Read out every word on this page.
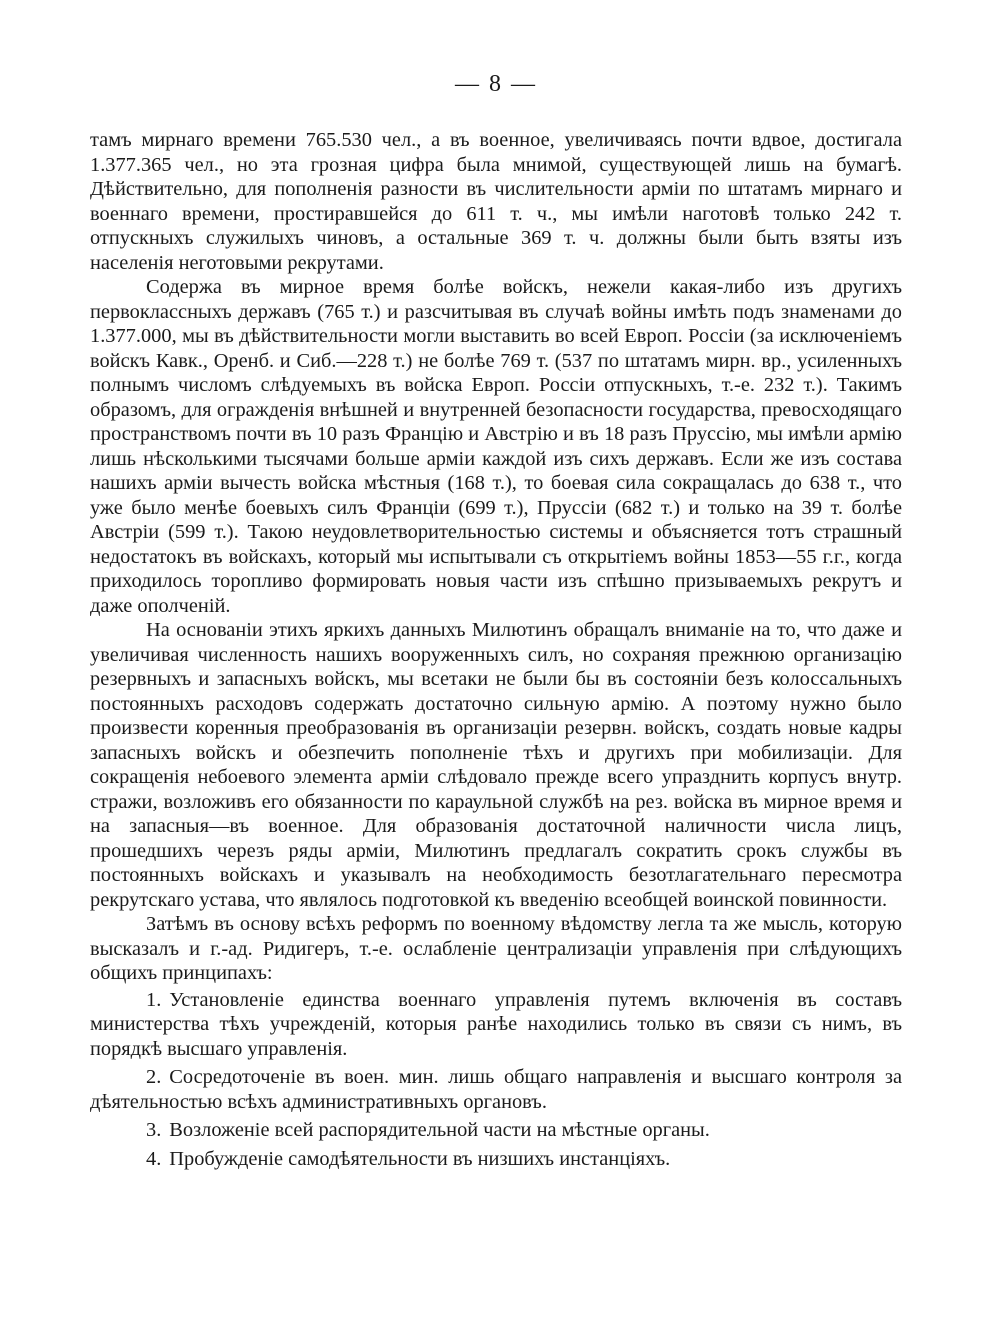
— 8 —

тамъ мирнаго времени 765.530 чел., а въ военное, увеличиваясь почти вдвое, достигала 1.377.365 чел., но эта грозная цифра была мнимой, существующей лишь на бумагѣ. Дѣйствительно, для пополненія разности въ числительности арміи по штатамъ мирнаго и военнаго времени, простиравшейся до 611 т. ч., мы имѣли наготовѣ только 242 т. отпускныхъ служилыхъ чиновъ, а остальные 369 т. ч. должны были быть взяты изъ населенія неготовыми рекрутами.

Содержа въ мирное время болѣе войскъ, нежели какая-либо изъ другихъ первоклассныхъ державъ (765 т.) и разсчитывая въ случаѣ войны имѣть подъ знаменами до 1.377.000, мы въ дѣйствительности могли выставить во всей Европ. Россіи (за исключеніемъ войскъ Кавк., Оренб. и Сиб.—228 т.) не болѣе 769 т. (537 по штатамъ мирн. вр., усиленныхъ полнымъ числомъ слѣдуемыхъ въ войска Европ. Россіи отпускныхъ, т.-е. 232 т.). Такимъ образомъ, для огражденія внѣшней и внутренней безопасности государства, превосходящаго пространствомъ почти въ 10 разъ Францію и Австрію и въ 18 разъ Пруссію, мы имѣли армію лишь нѣсколькими тысячами больше арміи каждой изъ сихъ державъ. Если же изъ состава нашихъ арміи вычесть войска мѣстныя (168 т.), то боевая сила сокращалась до 638 т., что уже было менѣе боевыхъ силъ Франціи (699 т.), Пруссіи (682 т.) и только на 39 т. болѣе Австріи (599 т.). Такою неудовлетворительностью системы и объясняется тотъ страшный недостатокъ въ войскахъ, который мы испытывали съ открытіемъ войны 1853—55 г.г., когда приходилось торопливо формировать новыя части изъ спѣшно призываемыхъ рекрутъ и даже ополченій.

На основаніи этихъ яркихъ данныхъ Милютинъ обращалъ вниманіе на то, что даже и увеличивая численность нашихъ вооруженныхъ силъ, но сохраняя прежнюю организацію резервныхъ и запасныхъ войскъ, мы всетаки не были бы въ состояніи безъ колоссальныхъ постоянныхъ расходовъ содержать достаточно сильную армію. А поэтому нужно было произвести коренныя преобразованія въ организаціи резервн. войскъ, создать новые кадры запасныхъ войскъ и обезпечить пополненіе тѣхъ и другихъ при мобилизаціи. Для сокращенія небоевого элемента арміи слѣдовало прежде всего упразднить корпусъ внутр. стражи, возложивъ его обязанности по караульной службѣ на рез. войска въ мирное время и на запасныя—въ военное. Для образованія достаточной наличности числа лицъ, прошедшихъ черезъ ряды арміи, Милютинъ предлагалъ сократить срокъ службы въ постоянныхъ войскахъ и указывалъ на необходимость безотлагательнаго пересмотра рекрутскаго устава, что являлось подготовкой къ введенію всеобщей воинской повинности.

Затѣмъ въ основу всѣхъ реформъ по военному вѣдомству легла та же мысль, которую высказалъ и г.-ад. Ридигеръ, т.-е. ослабленіе централизаціи управленія при слѣдующихъ общихъ принципахъ:

1. Установленіе единства военнаго управленія путемъ включенія въ составъ министерства тѣхъ учрежденій, которыя ранѣе находились только въ связи съ нимъ, въ порядкѣ высшаго управленія.
2. Сосредоточеніе въ воен. мин. лишь общаго направленія и высшаго контроля за дѣятельностью всѣхъ административныхъ органовъ.
3. Возложеніе всей распорядительной части на мѣстные органы.
4. Пробужденіе самодѣятельности въ низшихъ инстанціяхъ.
